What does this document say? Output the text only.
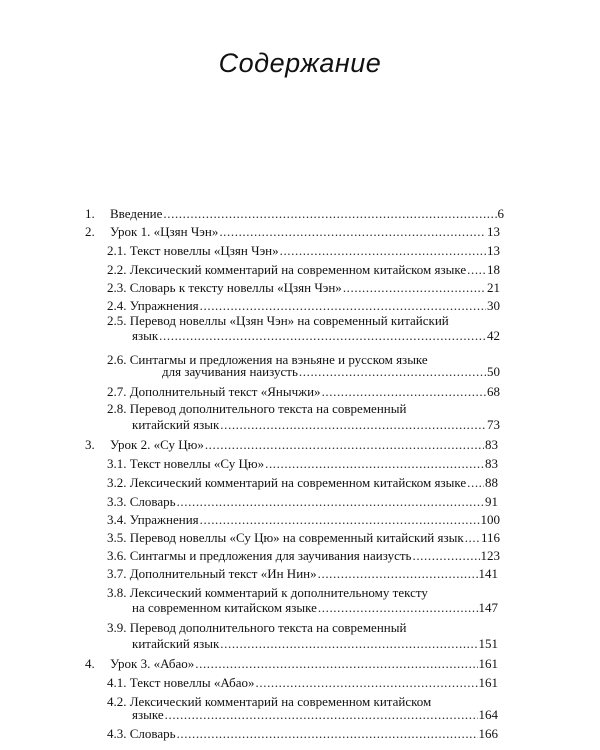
Содержание
1. Введение .....	6
2. Урок 1. «Цзян Чэн» .....	13
2.1. Текст новеллы «Цзян Чэн» .....	13
2.2. Лексический комментарий на современном китайском языке ..... 18
2.3. Словарь к тексту новеллы «Цзян Чэн» .....	21
2.4. Упражнения .....	30
2.5. Перевод новеллы «Цзян Чэн» на современный китайский
язык .....	42
2.6. Синтагмы и предложения на вэньяне и русском языке
для заучивания наизусть .....	50
2.7. Дополнительный текст «Янычжи» .....	68
2.8. Перевод дополнительного текста на современный
китайский язык .....	73
3. Урок 2. «Су Цю» .....	83
3.1. Текст новеллы «Су Цю» .....	83
3.2. Лексический комментарий на современном китайском языке ..... 88
3.3. Словарь .....	91
3.4. Упражнения .....	100
3.5. Перевод новеллы «Су Цю» на современный китайский язык ..... 116
3.6. Синтагмы и предложения для заучивания наизусть .....	123
3.7. Дополнительный текст «Ин Нин» .....	141
3.8. Лексический комментарий к дополнительному тексту
на современном китайском языке .....	147
3.9. Перевод дополнительного текста на современный
китайский язык .....	151
4. Урок 3. «Абао» .....	161
4.1. Текст новеллы «Абао» .....	161
4.2. Лексический комментарий на современном китайском
языке .....	164
4.3. Словарь .....	166
